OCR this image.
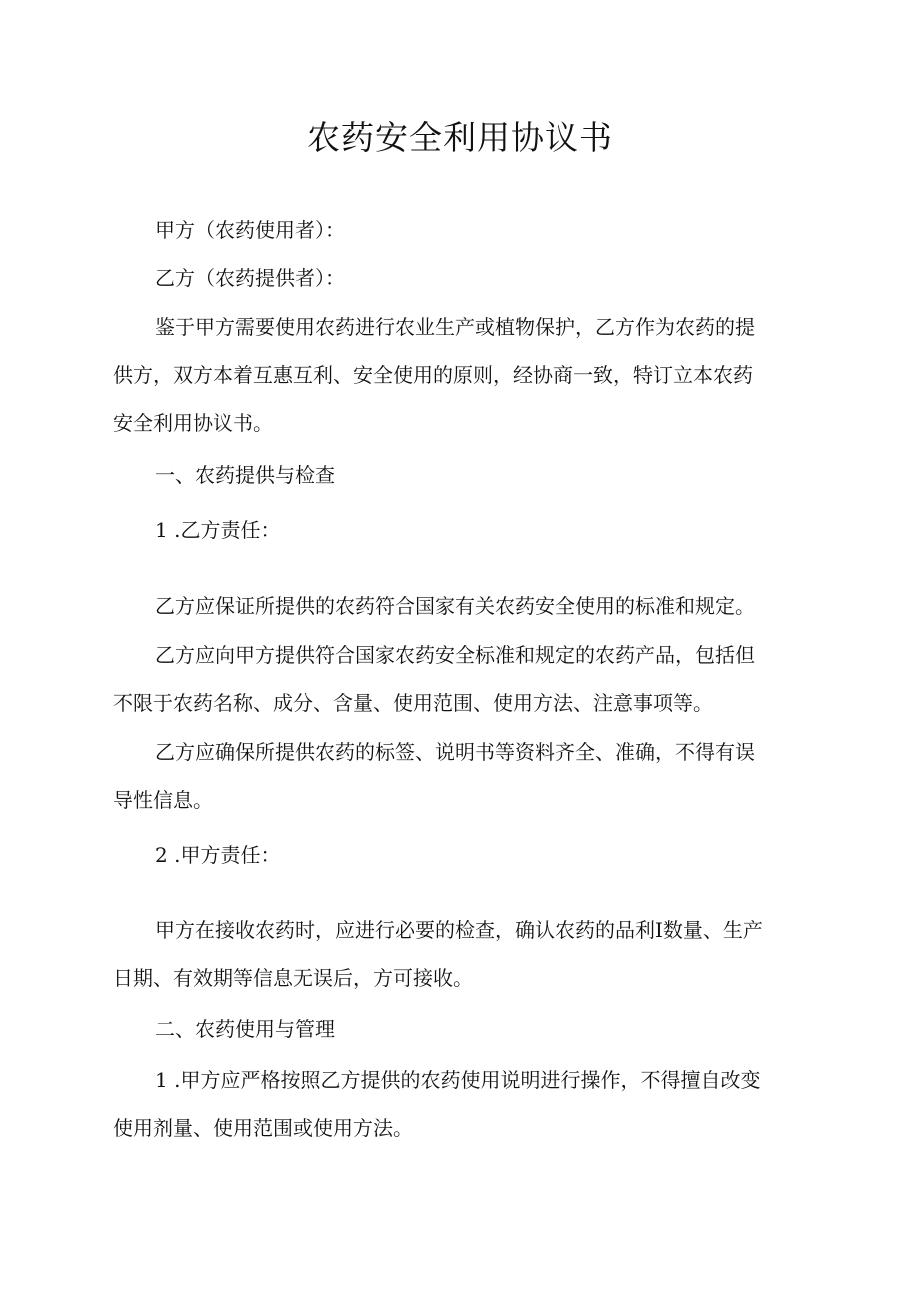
农药安全利用协议书

甲方（农药使用者）：

乙方（农药提供者）：

鉴于甲方需要使用农药进行农业生产或植物保护，乙方作为农药的提

供方，双方本着互惠互利、安全使用的原则，经协商一致，特订立本农药

安全利用协议书。

一、农药提供与检查

1 .乙方责任：

乙方应保证所提供的农药符合国家有关农药安全使用的标准和规定。

乙方应向甲方提供符合国家农药安全标准和规定的农药产品，包括但

不限于农药名称、成分、含量、使用范围、使用方法、注意事项等。

乙方应确保所提供农药的标签、说明书等资料齐全、准确，不得有误

导性信息。

2 .甲方责任：

甲方在接收农药时，应进行必要的检查，确认农药的品利I数量、生产

日期、有效期等信息无误后，方可接收。

二、农药使用与管理

1 .甲方应严格按照乙方提供的农药使用说明进行操作，不得擅自改变

使用剂量、使用范围或使用方法。
